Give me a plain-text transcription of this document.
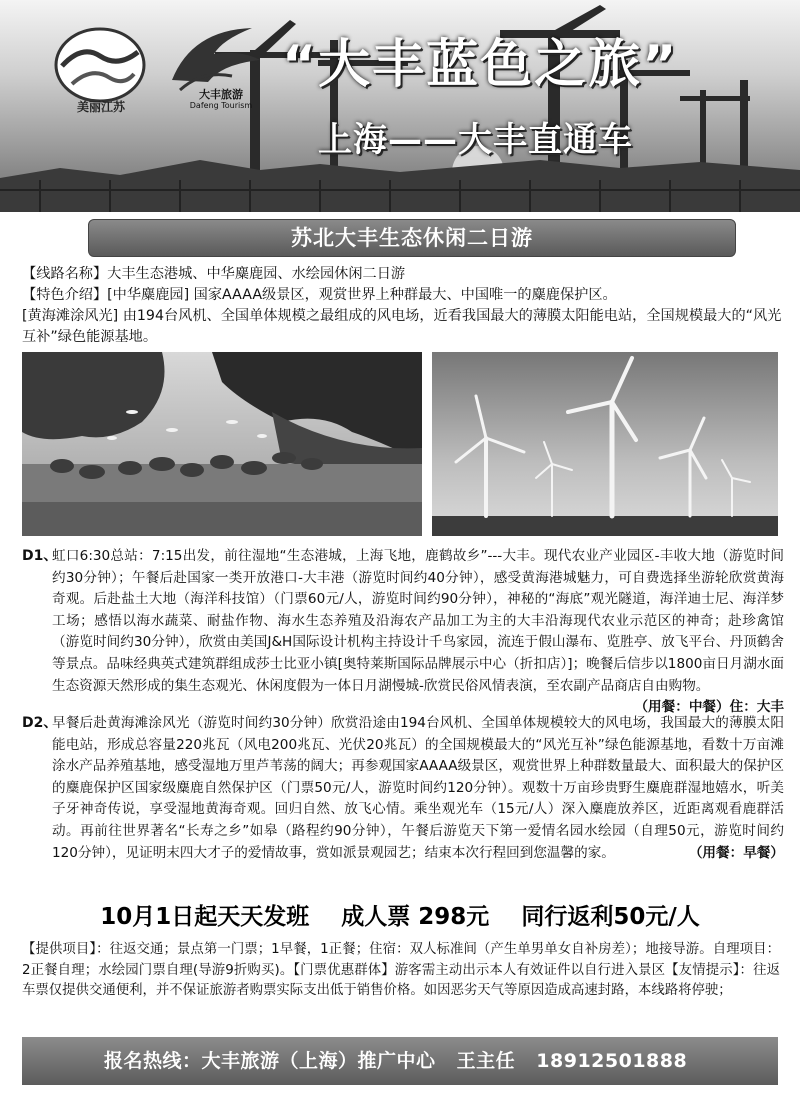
美丽江苏
大丰旅游
Dafeng Tourism
“大丰蓝色之旅”
上海——大丰直通车
苏北大丰生态休闲二日游

【线路名称】大丰生态港城、中华麋鹿园、水绘园休闲二日游

【特色介绍】[中华麋鹿园] 国家AAAA级景区，观赏世界上种群最大、中国唯一的麋鹿保护区。

[黄海滩涂风光] 由194台风机、全国单体规模之最组成的风电场，近看我国最大的薄膜太阳能电站，全国规模最大的“风光互补”绿色能源基地。

D1、
虹口6:30总站：7:15出发，前往湿地“生态港城，上海飞地，鹿鹤故乡”---大丰。现代农业产业园区-丰收大地（游览时间约30分钟）；午餐后赴国家一类开放港口-大丰港（游览时间约40分钟），感受黄海港城魅力，可自费选择坐游轮欣赏黄海奇观。后赴盐土大地（海洋科技馆）（门票60元/人，游览时间约90分钟），神秘的“海底”观光隧道，海洋迪士尼、海洋梦工场；感悟以海水蔬菜、耐盐作物、海水生态养殖及沿海农产品加工为主的大丰沿海现代农业示范区的神奇；赴珍禽馆（游览时间约30分钟），欣赏由美国J&H国际设计机构主持设计千鸟家园，流连于假山瀑布、览胜亭、放飞平台、丹顶鹤舍等景点。品味经典英式建筑群组成莎士比亚小镇[奥特莱斯国际品牌展示中心（折扣店）]；晚餐后信步以1800亩日月湖水面生态资源天然形成的集生态观光、休闲度假为一体日月湖慢城-欣赏民俗风情表演，至农副产品商店自由购物。
（用餐：中餐）住：大丰
D2、
早餐后赴黄海滩涂风光（游览时间约30分钟）欣赏沿途由194台风机、全国单体规模较大的风电场，我国最大的薄膜太阳能电站，形成总容量220兆瓦（风电200兆瓦、光伏20兆瓦）的全国规模最大的“风光互补”绿色能源基地，看数十万亩滩涂水产品养殖基地，感受湿地万里芦苇荡的阔大；再参观国家AAAA级景区，观赏世界上种群数量最大、面积最大的保护区的麋鹿保护区国家级麋鹿自然保护区（门票50元/人，游览时间约120分钟）。观数十万亩珍贵野生麋鹿群湿地嬉水，听美子牙神奇传说，享受湿地黄海奇观。回归自然、放飞心情。乘坐观光车（15元/人）深入麋鹿放养区，近距离观看鹿群活动。再前往世界著名“长寿之乡”如皋（路程约90分钟），午餐后游览天下第一爱情名园水绘园（自理50元，游览时间约120分钟），见证明末四大才子的爱情故事，赏如派景观园艺；结束本次行程回到您温馨的家。	（用餐：早餐）
10月1日起天天发班 成人票 298元 同行返利50元/人
【提供项目】：往返交通；景点第一门票；1早餐，1正餐；住宿：双人标准间（产生单男单女自补房差）；地接导游。自理项目： 2正餐自理；水绘园门票自理(导游9折购买)。【门票优惠群体】游客需主动出示本人有效证件以自行进入景区【友情提示】：往返车票仅提供交通便利，并不保证旅游者购票实际支出低于销售价格。如因恶劣天气等原因造成高速封路，本线路将停驶；
报名热线：大丰旅游（上海）推广中心 王主任 18912501888
